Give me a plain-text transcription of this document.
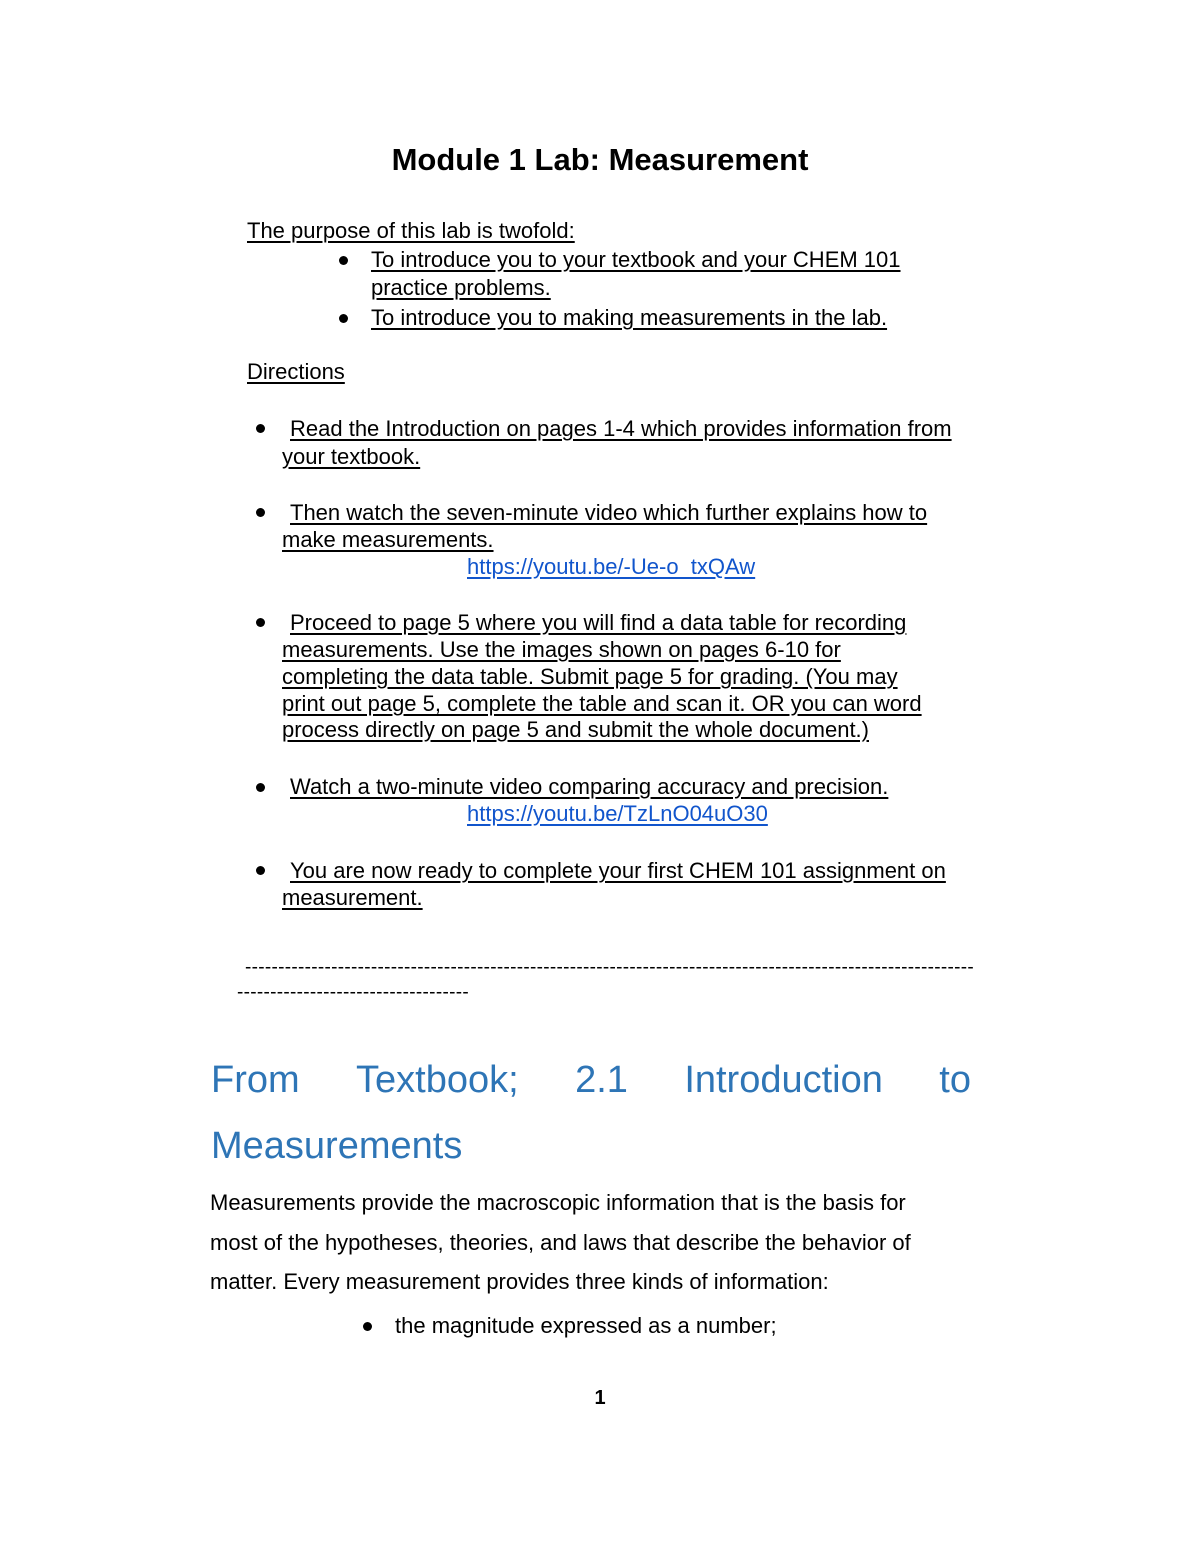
Module 1 Lab: Measurement
The purpose of this lab is twofold:
To introduce you to your textbook and your CHEM 101
practice problems.
To introduce you to making measurements in the lab.
Directions
Read the Introduction on pages 1-4 which provides information from
your textbook.
Then watch the seven-minute video which further explains how to
make measurements.
https://youtu.be/-Ue-o_txQAw
Proceed to page 5 where you will find a data table for recording
measurements. Use the images shown on pages 6-10 for
completing the data table. Submit page 5 for grading. (You may
print out page 5, complete the table and scan it. OR you can word
process directly on page 5 and submit the whole document.)
Watch a two-minute video comparing accuracy and precision.
https://youtu.be/TzLnO04uO30
You are now ready to complete your first CHEM 101 assignment on
measurement.
--------------------------------------------------------------------------------------------------------------
-----------------------------------
From Textbook; 2.1 Introduction to
Measurements
Measurements provide the macroscopic information that is the basis for
most of the hypotheses, theories, and laws that describe the behavior of
matter. Every measurement provides three kinds of information:
the magnitude expressed as a number;
1
